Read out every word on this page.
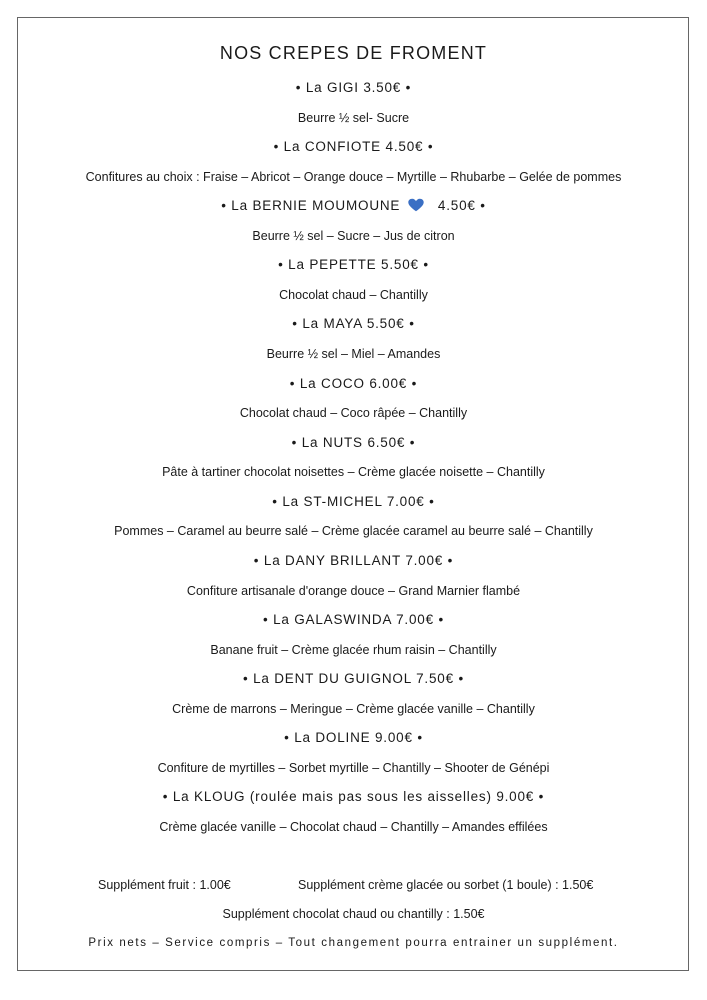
NOS CREPES DE FROMENT
• La GIGI 3.50€ •
Beurre ½ sel- Sucre
• La CONFIOTE 4.50€ •
Confitures au choix : Fraise – Abricot – Orange douce – Myrtille – Rhubarbe – Gelée de pommes
• La BERNIE MOUMOUNE	4.50€ •
Beurre ½ sel – Sucre – Jus de citron
• La PEPETTE 5.50€ •
Chocolat chaud – Chantilly
• La MAYA 5.50€ •
Beurre ½ sel – Miel – Amandes
• La COCO 6.00€ •
Chocolat chaud – Coco râpée – Chantilly
• La NUTS 6.50€ •
Pâte à tartiner chocolat noisettes – Crème glacée noisette – Chantilly
• La ST-MICHEL 7.00€ •
Pommes – Caramel au beurre salé – Crème glacée caramel au beurre salé – Chantilly
• La DANY BRILLANT 7.00€ •
Confiture artisanale d'orange douce – Grand Marnier flambé
• La GALASWINDA 7.00€ •
Banane fruit – Crème glacée rhum raisin – Chantilly
• La DENT DU GUIGNOL 7.50€ •
Crème de marrons – Meringue – Crème glacée vanille – Chantilly
• La DOLINE 9.00€ •
Confiture de myrtilles – Sorbet myrtille – Chantilly – Shooter de Génépi
• La KLOUG (roulée mais pas sous les aisselles) 9.00€ •
Crème glacée vanille – Chocolat chaud – Chantilly – Amandes effilées
Supplément fruit : 1.00€	Supplément crème glacée ou sorbet (1 boule) : 1.50€
Supplément chocolat chaud ou chantilly : 1.50€
Prix nets – Service compris – Tout changement pourra entrainer un supplément.
